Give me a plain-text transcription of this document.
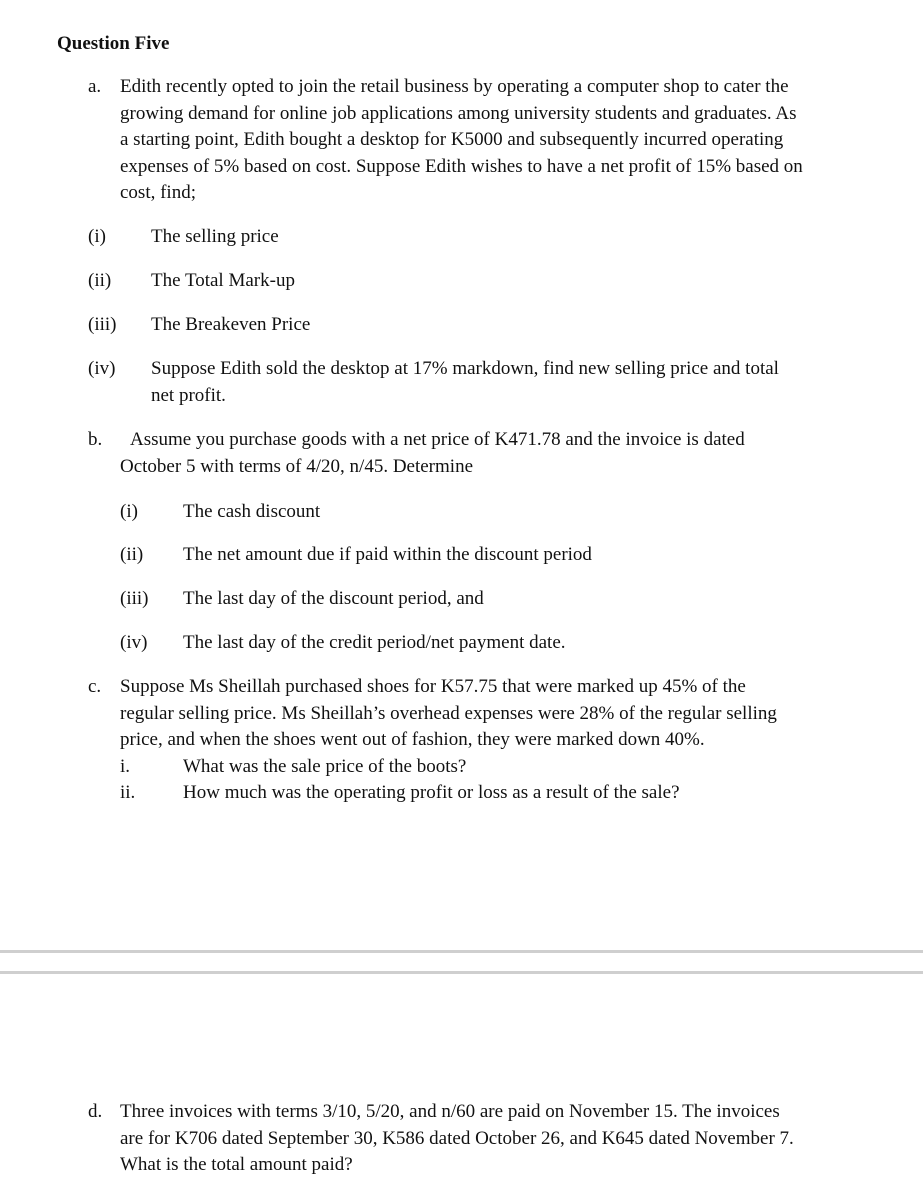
Question Five
a. Edith recently opted to join the retail business by operating a computer shop to cater the
growing demand for online job applications among university students and graduates. As
a starting point, Edith bought a desktop for K5000 and subsequently incurred operating
expenses of 5% based on cost. Suppose Edith wishes to have a net profit of 15% based on
cost, find;
(i) The selling price
(ii) The Total Mark-up
(iii) The Breakeven Price
(iv) Suppose Edith sold the desktop at 17% markdown, find new selling price and total
net profit.
b.	Assume you purchase goods with a net price of K471.78 and the invoice is dated
October 5 with terms of 4/20, n/45. Determine
(i) The cash discount
(ii) The net amount due if paid within the discount period
(iii) The last day of the discount period, and
(iv) The last day of the credit period/net payment date.
c. Suppose Ms Sheillah purchased shoes for K57.75 that were marked up 45% of the
regular selling price. Ms Sheillah’s overhead expenses were 28% of the regular selling
price, and when the shoes went out of fashion, they were marked down 40%.
i.	What was the sale price of the boots?
ii.	How much was the operating profit or loss as a result of the sale?
d. Three invoices with terms 3/10, 5/20, and n/60 are paid on November 15. The invoices
are for K706 dated September 30, K586 dated October 26, and K645 dated November 7.
What is the total amount paid?
